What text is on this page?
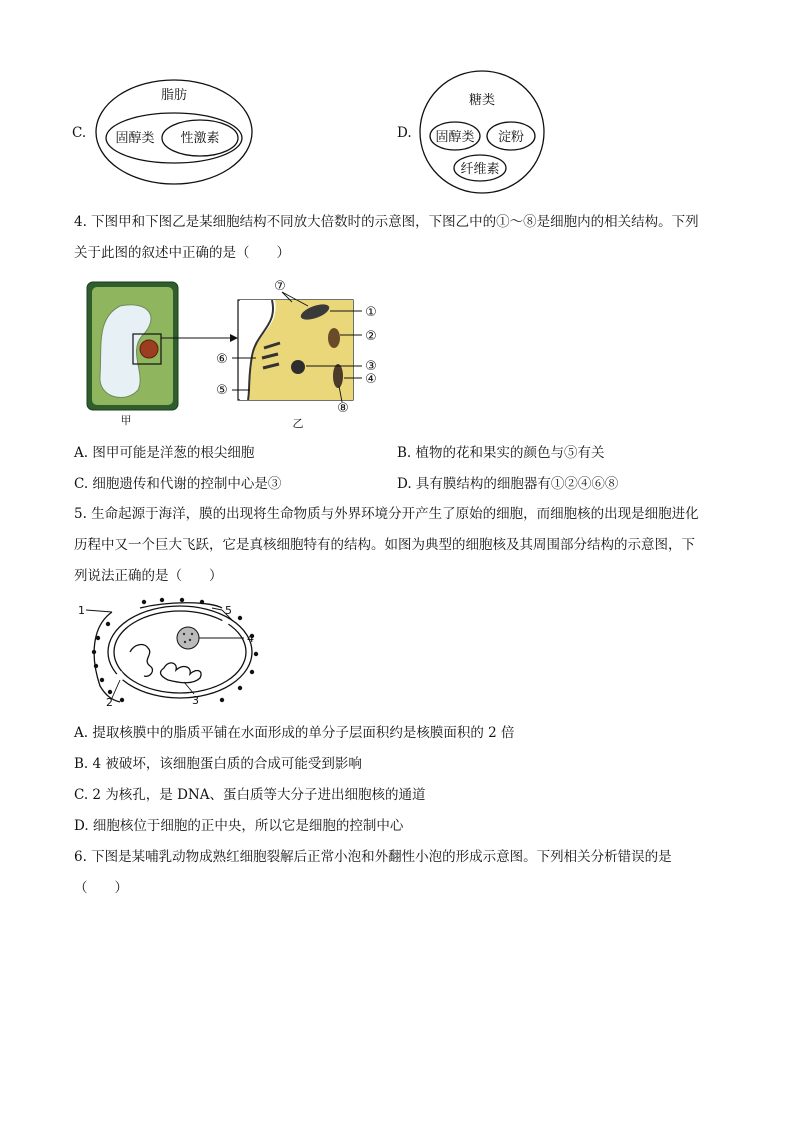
C.
脂肪
固醇类 性激素	D.
糖类
固醇类 淀粉
纤维素
4. 下图甲和下图乙是某细胞结构不同放大倍数时的示意图，下图乙中的①～⑧是细胞内的相关结构。下列
关于此图的叙述中正确的是（　　）
甲
⑦
①
②
⑥	③
④
⑤
⑧
乙
A. 图甲可能是洋葱的根尖细胞	B. 植物的花和果实的颜色与⑤有关
C. 细胞遗传和代谢的控制中心是③	D. 具有膜结构的细胞器有①②④⑥⑧
5. 生命起源于海洋，膜的出现将生命物质与外界环境分开产生了原始的细胞，而细胞核的出现是细胞进化
历程中又一个巨大飞跃，它是真核细胞特有的结构。如图为典型的细胞核及其周围部分结构的示意图，下
列说法正确的是（　　）
1	5
4
2	3
A. 提取核膜中的脂质平铺在水面形成的单分子层面积约是核膜面积的 2 倍
B. 4 被破坏，该细胞蛋白质的合成可能受到影响
C. 2 为核孔，是 DNA、蛋白质等大分子进出细胞核的通道
D. 细胞核位于细胞的正中央，所以它是细胞的控制中心
6. 下图是某哺乳动物成熟红细胞裂解后正常小泡和外翻性小泡的形成示意图。下列相关分析错误的是
（　　）
